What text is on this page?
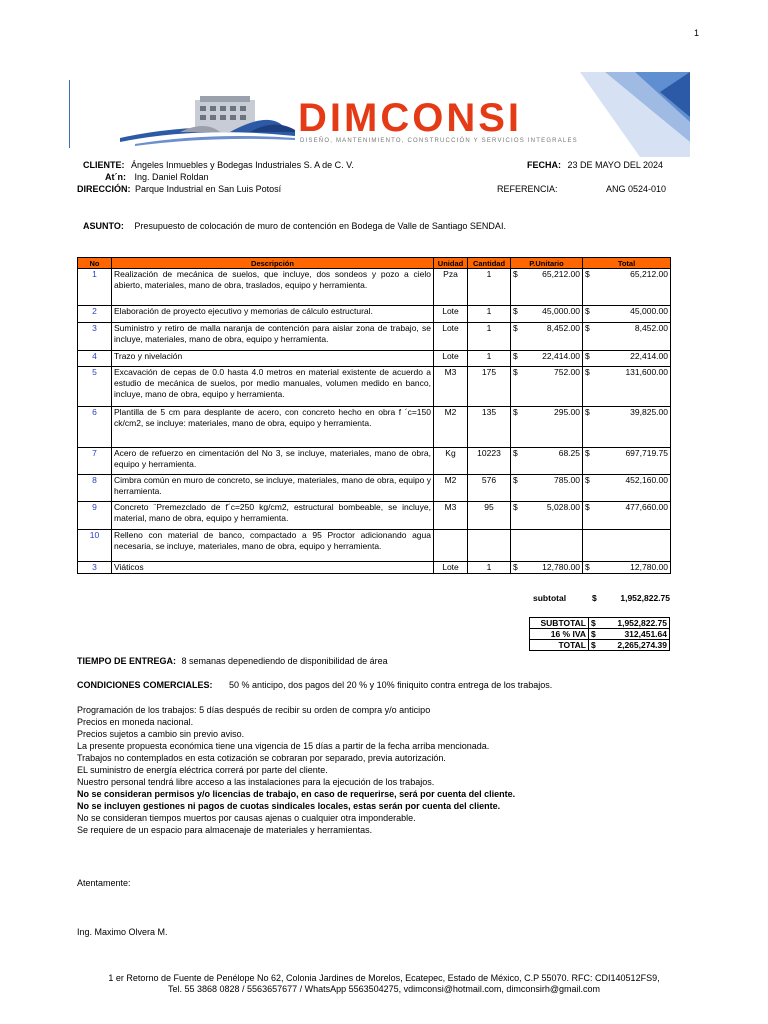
1
DIMCONSI
DISEÑO, MANTENIMIENTO, CONSTRUCCIÓN Y SERVICIOS INTEGRALES
CLIENTE: Ángeles Inmuebles y Bodegas Industriales S. A de C. V.
At´n: Ing. Daniel Roldan
DIRECCIÓN: Parque Industrial en San Luis Potosí
FECHA: 23 DE MAYO DEL 2024
REFERENCIA:	ANG 0524-010
ASUNTO: Presupuesto de colocación de muro de contención en Bodega de Valle de Santiago SENDAI.
No	Descripción	Unidad	Cantidad	P.Unitario	Total
1	Realización de mecánica de suelos, que incluye, dos sondeos y pozo a cielo abierto, materiales, mano de obra, traslados, equipo y herramienta.	Pza	1	$ 65,212.00	$ 65,212.00

2	Elaboración de proyecto ejecutivo y memorias de cálculo estructural.	Lote	1	$ 45,000.00	$ 45,000.00

3	Suministro y retiro de malla naranja de contención para aislar zona de trabajo, se incluye, materiales, mano de obra, equipo y herramienta.	Lote	1	$ 8,452.00	$ 8,452.00

4	Trazo y nivelación	Lote	1	$ 22,414.00	$ 22,414.00

5	Excavación de cepas de 0.0 hasta 4.0 metros en material existente de acuerdo a estudio de mecánica de suelos, por medio manuales, volumen medido en banco, incluye, mano de obra, equipo y herramienta.	M3	175	$ 752.00	$ 131,600.00

6	Plantilla de 5 cm para desplante de acero, con concreto hecho en obra f ´c=150 ck/cm2, se incluye: materiales, mano de obra, equipo y herramienta.	M2	135	$ 295.00	$ 39,825.00

7	Acero de refuerzo en cimentación del No 3, se incluye, materiales, mano de obra, equipo y herramienta.	Kg	10223	$ 68.25	$ 697,719.75

8	Cimbra común en muro de concreto, se incluye, materiales, mano de obra, equipo y herramienta.	M2	576	$ 785.00	$ 452,160.00

9	Concreto ¨Premezclado de f´c=250 kg/cm2, estructural bombeable, se incluye, material, mano de obra, equipo y herramienta.	M3	95	$ 5,028.00	$ 477,660.00

10	Relleno con material de banco, compactado a 95 Proctor adicionando agua necesaria, se incluye, materiales, mano de obra, equipo y herramienta.				
3	Viáticos	Lote	1	$ 12,780.00	$ 12,780.00
subtotal	$	1,952,822.75
SUBTOTAL	$ 1,952,822.75

16 % IVA	$ 312,451.64

TOTAL	$ 2,265,274.39
TIEMPO DE ENTREGA: 8 semanas depenediendo de disponibilidad de área
CONDICIONES COMERCIALES: 50 % anticipo, dos pagos del 20 % y 10% finiquito contra entrega de los trabajos.
Programación de los trabajos: 5 días después de recibir su orden de compra y/o anticipo
Precios en moneda nacional.
Precios sujetos a cambio sin previo aviso.
La presente propuesta económica tiene una vigencia de 15 días a partir de la fecha arriba mencionada.
Trabajos no contemplados en esta cotización se cobraran por separado, previa autorización.
EL suministro de energía eléctrica correrá por parte del cliente.
Nuestro personal tendrá libre acceso a las instalaciones para la ejecución de los trabajos.
No se consideran permisos y/o licencias de trabajo, en caso de requerirse, será por cuenta del cliente.
No se incluyen gestiones ni pagos de cuotas sindicales locales, estas serán por cuenta del cliente.
No se consideran tiempos muertos por causas ajenas o cualquier otra imponderable.
Se requiere de un espacio para almacenaje de materiales y herramientas.
Atentamente:
Ing. Maximo Olvera M.
1 er Retorno de Fuente de Penélope No 62, Colonia Jardines de Morelos, Ecatepec, Estado de México, C.P 55070. RFC: CDI140512FS9,
Tel. 55 3868 0828 / 5563657677 / WhatsApp 5563504275, vdimconsi@hotmail.com, dimconsirh@gmail.com
